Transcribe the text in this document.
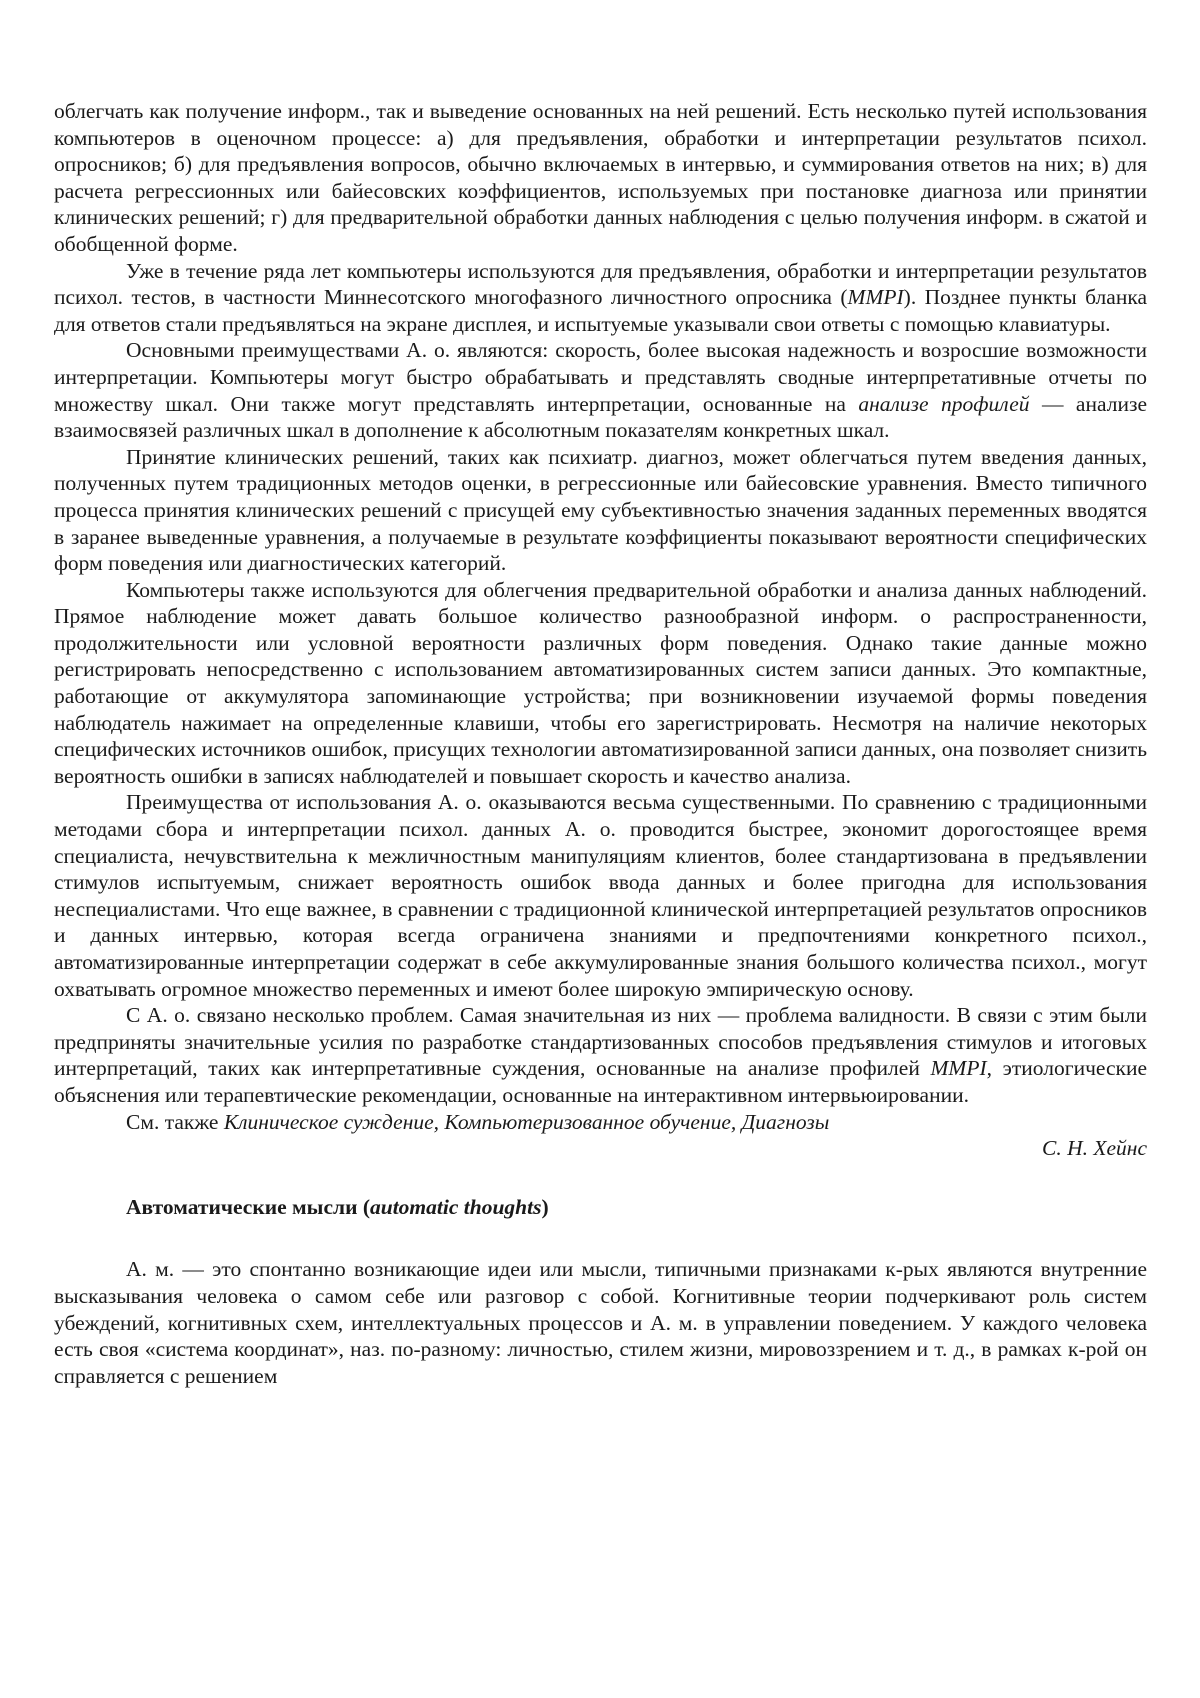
облегчать как получение информ., так и выведение основанных на ней решений. Есть несколько путей использования компьютеров в оценочном процессе: а) для предъявления, обработки и интерпретации результатов психол. опросников; б) для предъявления вопросов, обычно включаемых в интервью, и суммирования ответов на них; в) для расчета регрессионных или байесовских коэффициентов, используемых при постановке диагноза или принятии клинических решений; г) для предварительной обработки данных наблюдения с целью получения информ. в сжатой и обобщенной форме.

Уже в течение ряда лет компьютеры используются для предъявления, обработки и интерпретации результатов психол. тестов, в частности Миннесотского многофазного личностного опросника (MMPI). Позднее пункты бланка для ответов стали предъявляться на экране дисплея, и испытуемые указывали свои ответы с помощью клавиатуры.

Основными преимуществами А. о. являются: скорость, более высокая надежность и возросшие возможности интерпретации. Компьютеры могут быстро обрабатывать и представлять сводные интерпретативные отчеты по множеству шкал. Они также могут представлять интерпретации, основанные на анализе профилей — анализе взаимосвязей различных шкал в дополнение к абсолютным показателям конкретных шкал.

Принятие клинических решений, таких как психиатр. диагноз, может облегчаться путем введения данных, полученных путем традиционных методов оценки, в регрессионные или байесовские уравнения. Вместо типичного процесса принятия клинических решений с присущей ему субъективностью значения заданных переменных вводятся в заранее выведенные уравнения, а получаемые в результате коэффициенты показывают вероятности специфических форм поведения или диагностических категорий.

Компьютеры также используются для облегчения предварительной обработки и анализа данных наблюдений. Прямое наблюдение может давать большое количество разнообразной информ. о распространенности, продолжительности или условной вероятности различных форм поведения. Однако такие данные можно регистрировать непосредственно с использованием автоматизированных систем записи данных. Это компактные, работающие от аккумулятора запоминающие устройства; при возникновении изучаемой формы поведения наблюдатель нажимает на определенные клавиши, чтобы его зарегистрировать. Несмотря на наличие некоторых специфических источников ошибок, присущих технологии автоматизированной записи данных, она позволяет снизить вероятность ошибки в записях наблюдателей и повышает скорость и качество анализа.

Преимущества от использования А. о. оказываются весьма существенными. По сравнению с традиционными методами сбора и интерпретации психол. данных А. о. проводится быстрее, экономит дорогостоящее время специалиста, нечувствительна к межличностным манипуляциям клиентов, более стандартизована в предъявлении стимулов испытуемым, снижает вероятность ошибок ввода данных и более пригодна для использования неспециалистами. Что еще важнее, в сравнении с традиционной клинической интерпретацией результатов опросников и данных интервью, которая всегда ограничена знаниями и предпочтениями конкретного психол., автоматизированные интерпретации содержат в себе аккумулированные знания большого количества психол., могут охватывать огромное множество переменных и имеют более широкую эмпирическую основу.

С А. о. связано несколько проблем. Самая значительная из них — проблема валидности. В связи с этим были предприняты значительные усилия по разработке стандартизованных способов предъявления стимулов и итоговых интерпретаций, таких как интерпретативные суждения, основанные на анализе профилей MMPI, этиологические объяснения или терапевтические рекомендации, основанные на интерактивном интервьюировании.

См. также Клиническое суждение, Компьютеризованное обучение, Диагнозы

С. Н. Хейнс

Автоматические мысли (automatic thoughts)

А. м. — это спонтанно возникающие идеи или мысли, типичными признаками к-рых являются внутренние высказывания человека о самом себе или разговор с собой. Когнитивные теории подчеркивают роль систем убеждений, когнитивных схем, интеллектуальных процессов и А. м. в управлении поведением. У каждого человека есть своя «система координат», наз. по-разному: личностью, стилем жизни, мировоззрением и т. д., в рамках к-рой он справляется с решением
